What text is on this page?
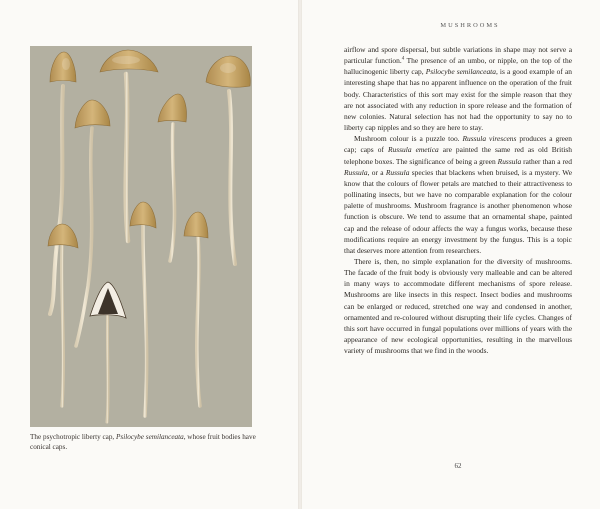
The psychotropic liberty cap, Psilocybe semilanceata, whose fruit bodies have conical caps.
MUSHROOMS

airflow and spore dispersal, but subtle variations in shape may not serve a particular function.$^4$ The presence of an umbo, or nipple, on the top of the hallucinogenic liberty cap, Psilocybe semilanceata, is a good example of an interesting shape that has no apparent influence on the operation of the fruit body. Characteristics of this sort may exist for the simple reason that they are not associated with any reduction in spore release and the formation of new colonies. Natural selection has not had the opportunity to say no to liberty cap nipples and so they are here to stay.

Mushroom colour is a puzzle too. Russula virescens produces a green cap; caps of Russula emetica are painted the same red as old British telephone boxes. The significance of being a green Russula rather than a red Russula, or a Russula species that blackens when bruised, is a mystery. We know that the colours of flower petals are matched to their attractiveness to pollinating insects, but we have no comparable explanation for the colour palette of mushrooms. Mushroom fragrance is another phenomenon whose function is obscure. We tend to assume that an ornamental shape, painted cap and the release of odour affects the way a fungus works, because these modifications require an energy investment by the fungus. This is a topic that deserves more attention from researchers.

There is, then, no simple explanation for the diversity of mushrooms. The facade of the fruit body is obviously very malleable and can be altered in many ways to accommodate different mechanisms of spore release. Mushrooms are like insects in this respect. Insect bodies and mushrooms can be enlarged or reduced, stretched one way and condensed in another, ornamented and re-coloured without disrupting their life cycles. Changes of this sort have occurred in fungal populations over millions of years with the appearance of new ecological opportunities, resulting in the marvellous variety of mushrooms that we find in the woods.

62
